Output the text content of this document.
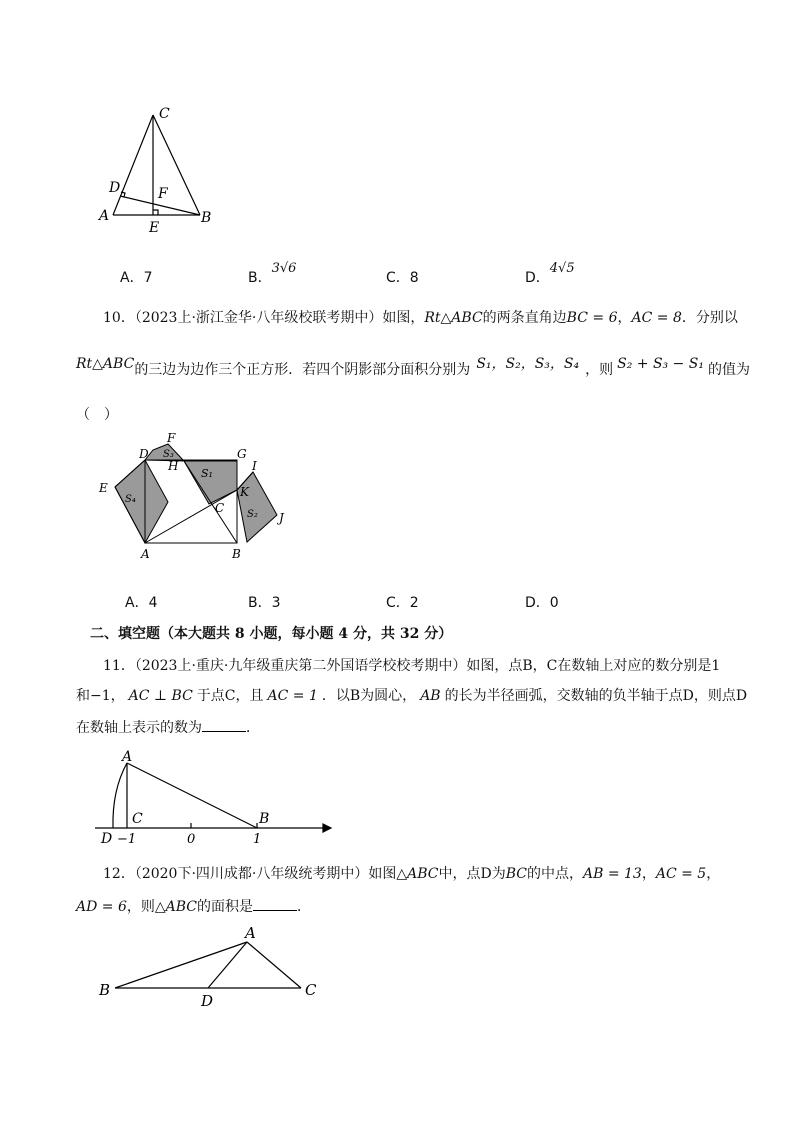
C
D	F
A
E
B
A．7	B．3√6
C．8	D．4√5
10．（2023上·浙江金华·八年级校联考期中）如图，Rt△ABC的两条直角边BC = 6，AC = 8．分别以
Rt△ABC的三边为边作三个正方形．若四个阴影部分面积分别为 S₁，S₂，S₃，S₄ ，则 S₂ + S₃ − S₁ 的值为
（　）
F
D	G
S₃
H
S₁
I
E	K
S₄
C S₂ J
A	B
A．4	B．3	C．2	D．0
二、填空题（本大题共 8 小题，每小题 4 分，共 32 分）
11．（2023上·重庆·九年级重庆第二外国语学校校考期中）如图，点B，C在数轴上对应的数分别是1
和−1， AC ⊥ BC 于点C，且 AC = 1 ．以B为圆心， AB 的长为半径画弧，交数轴的负半轴于点D，则点D
在数轴上表示的数为	．
A
C	B
D −1	0	1
12．（2020下·四川成都·八年级统考期中）如图△ABC中，点D为BC的中点，AB = 13，AC = 5，
AD = 6，则△ABC的面积是	．
A
B
D
C
